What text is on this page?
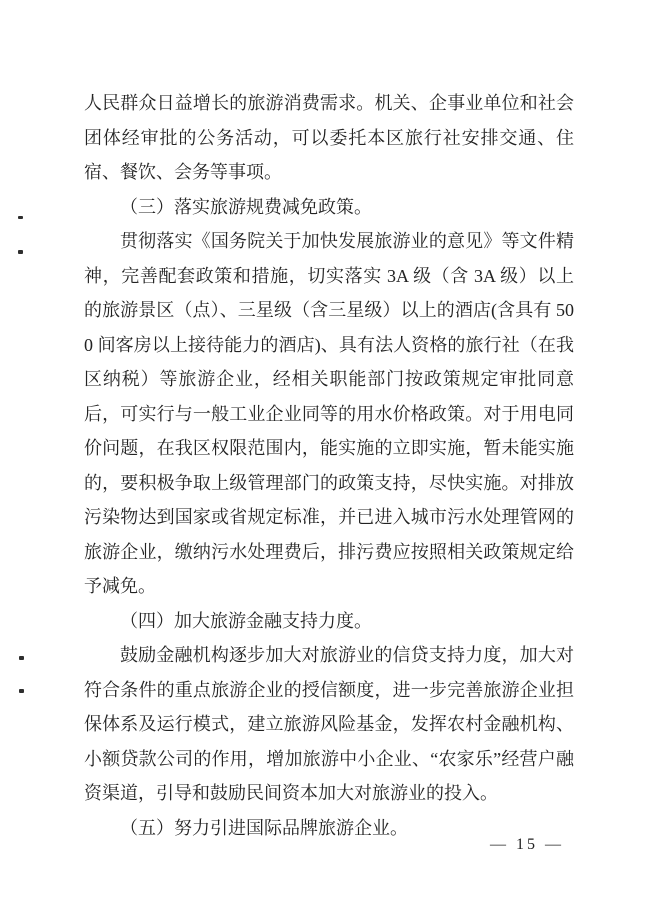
人民群众日益增长的旅游消费需求。机关、企事业单位和社会团体经审批的公务活动，可以委托本区旅行社安排交通、住宿、餐饮、会务等事项。

（三）落实旅游规费减免政策。

贯彻落实《国务院关于加快发展旅游业的意见》等文件精神，完善配套政策和措施，切实落实 3A 级（含 3A 级）以上的旅游景区（点）、三星级（含三星级）以上的酒店(含具有 500 间客房以上接待能力的酒店)、具有法人资格的旅行社（在我区纳税）等旅游企业，经相关职能部门按政策规定审批同意后，可实行与一般工业企业同等的用水价格政策。对于用电同价问题，在我区权限范围内，能实施的立即实施，暂未能实施的，要积极争取上级管理部门的政策支持，尽快实施。对排放污染物达到国家或省规定标准，并已进入城市污水处理管网的旅游企业，缴纳污水处理费后，排污费应按照相关政策规定给予减免。

（四）加大旅游金融支持力度。

鼓励金融机构逐步加大对旅游业的信贷支持力度，加大对符合条件的重点旅游企业的授信额度，进一步完善旅游企业担保体系及运行模式，建立旅游风险基金，发挥农村金融机构、小额贷款公司的作用，增加旅游中小企业、“农家乐”经营户融资渠道，引导和鼓励民间资本加大对旅游业的投入。

（五）努力引进国际品牌旅游企业。

— 15 —
